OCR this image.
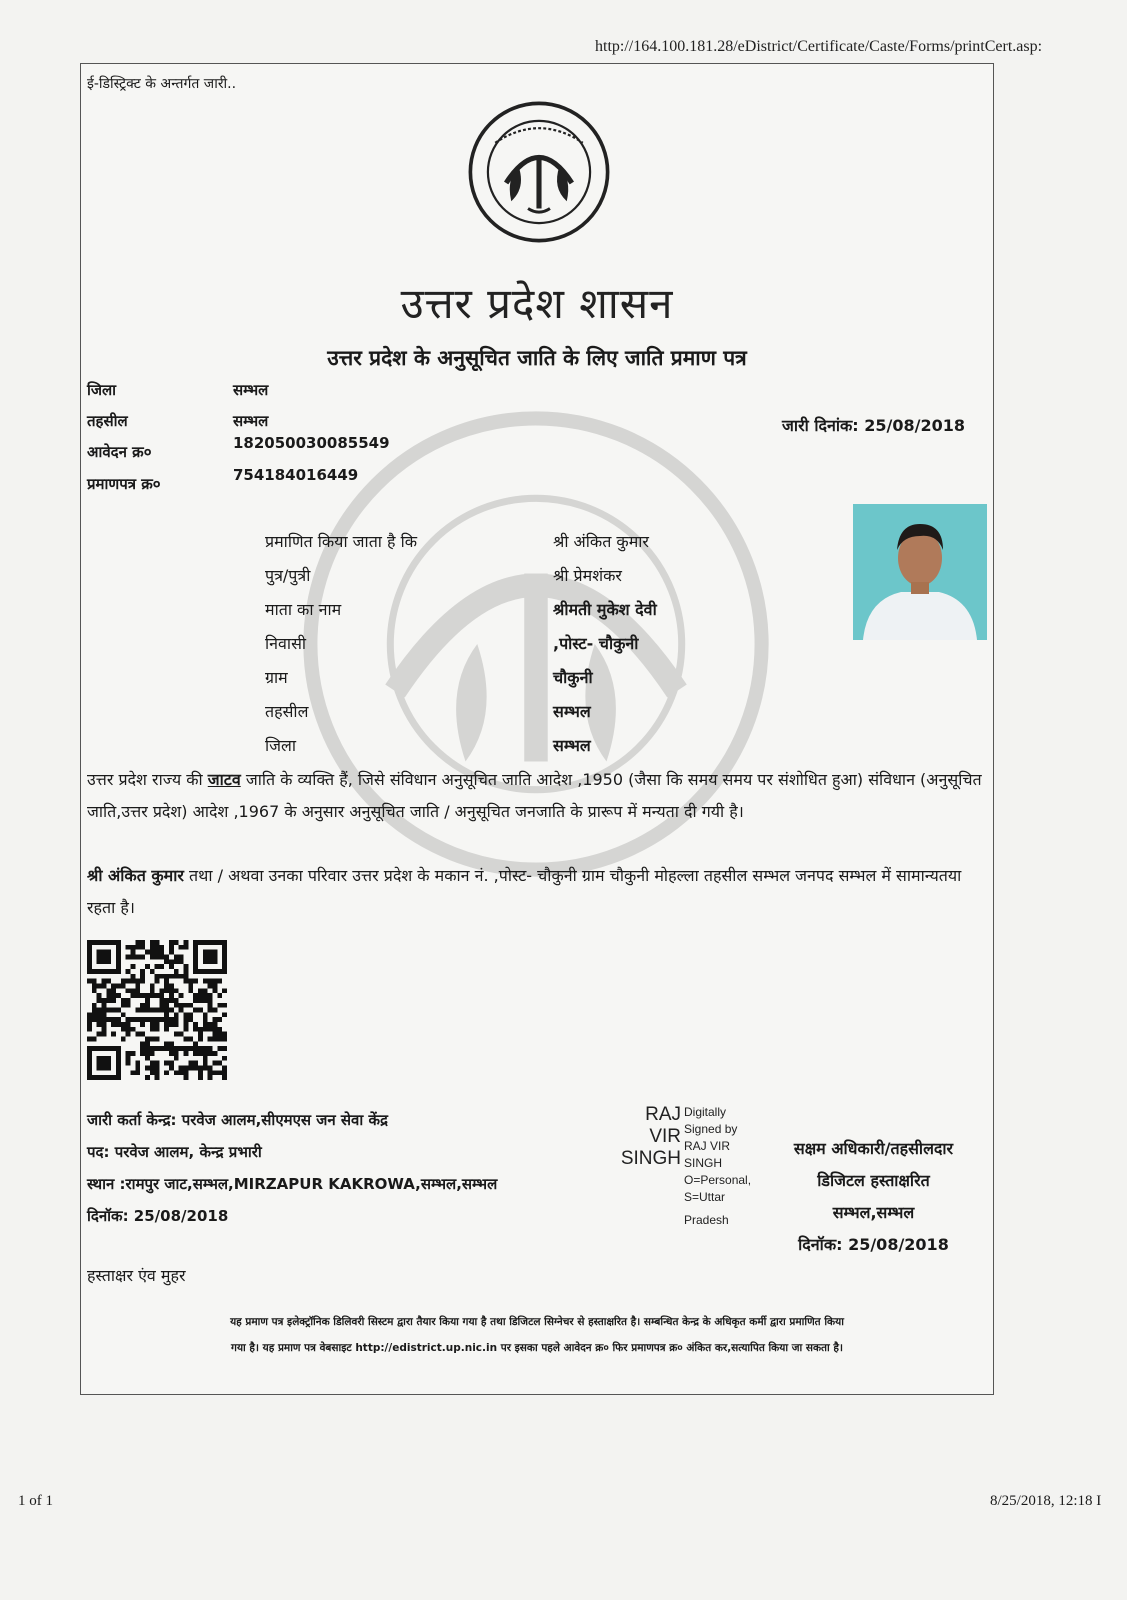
http://164.100.181.28/eDistrict/Certificate/Caste/Forms/printCert.asp:
ई-डिस्ट्रिक्ट के अन्तर्गत जारी..
उत्तर प्रदेश शासन
उत्तर प्रदेश के अनुसूचित जाति के लिए जाति प्रमाण पत्र
जिला	सम्भल
तहसील	सम्भल
आवेदन क्र०	182050030085549
प्रमाणपत्र क्र०	754184016449
जारी दिनांक: 25/08/2018
प्रमाणित किया जाता है कि	श्री अंकित कुमार
पुत्र/पुत्री	श्री प्रेमशंकर
माता का नाम	श्रीमती मुकेश देवी
निवासी	,पोस्ट- चौकुनी
ग्राम	चौकुनी
तहसील	सम्भल
जिला	सम्भल
उत्तर प्रदेश राज्य की जाटव जाति के व्यक्ति हैं, जिसे संविधान अनुसूचित जाति आदेश ,1950 (जैसा कि समय समय पर संशोधित हुआ) संविधान (अनुसूचित जाति,उत्तर प्रदेश) आदेश ,1967 के अनुसार अनुसूचित जाति / अनुसूचित जनजाति के प्रारूप में मन्यता दी गयी है।
श्री अंकित कुमार तथा / अथवा उनका परिवार उत्तर प्रदेश के मकान नं. ,पोस्ट- चौकुनी ग्राम चौकुनी मोहल्ला तहसील सम्भल जनपद सम्भल में सामान्यतया रहता है।
जारी कर्ता केन्द्र: परवेज आलम,सीएमएस जन सेवा केंद्र
पद: परवेज आलम, केन्द्र प्रभारी
स्थान :रामपुर जाट,सम्भल,MIRZAPUR KAKROWA,सम्भल,सम्भल
दिनॉक: 25/08/2018
RAJ
VIR
SINGH
Digitally
Signed by
RAJ VIR
SINGH
O=Personal,
S=Uttar
Pradesh
सक्षम अधिकारी/तहसीलदार
डिजिटल हस्ताक्षरित
सम्भल,सम्भल
दिनॉक: 25/08/2018
हस्ताक्षर एंव मुहर
यह प्रमाण पत्र इलेक्ट्रॉनिक डिलिवरी सिस्टम द्वारा तैयार किया गया है तथा डिजिटल सिग्नेचर से हस्ताक्षरित है। सम्बन्धित केन्द्र के अधिकृत कर्मी द्वारा प्रमाणित किया
गया है। यह प्रमाण पत्र वेबसाइट http://edistrict.up.nic.in पर इसका पहले आवेदन क्र० फिर प्रमाणपत्र क्र० अंकित कर,सत्यापित किया जा सकता है।
1 of 1	8/25/2018, 12:18 I
